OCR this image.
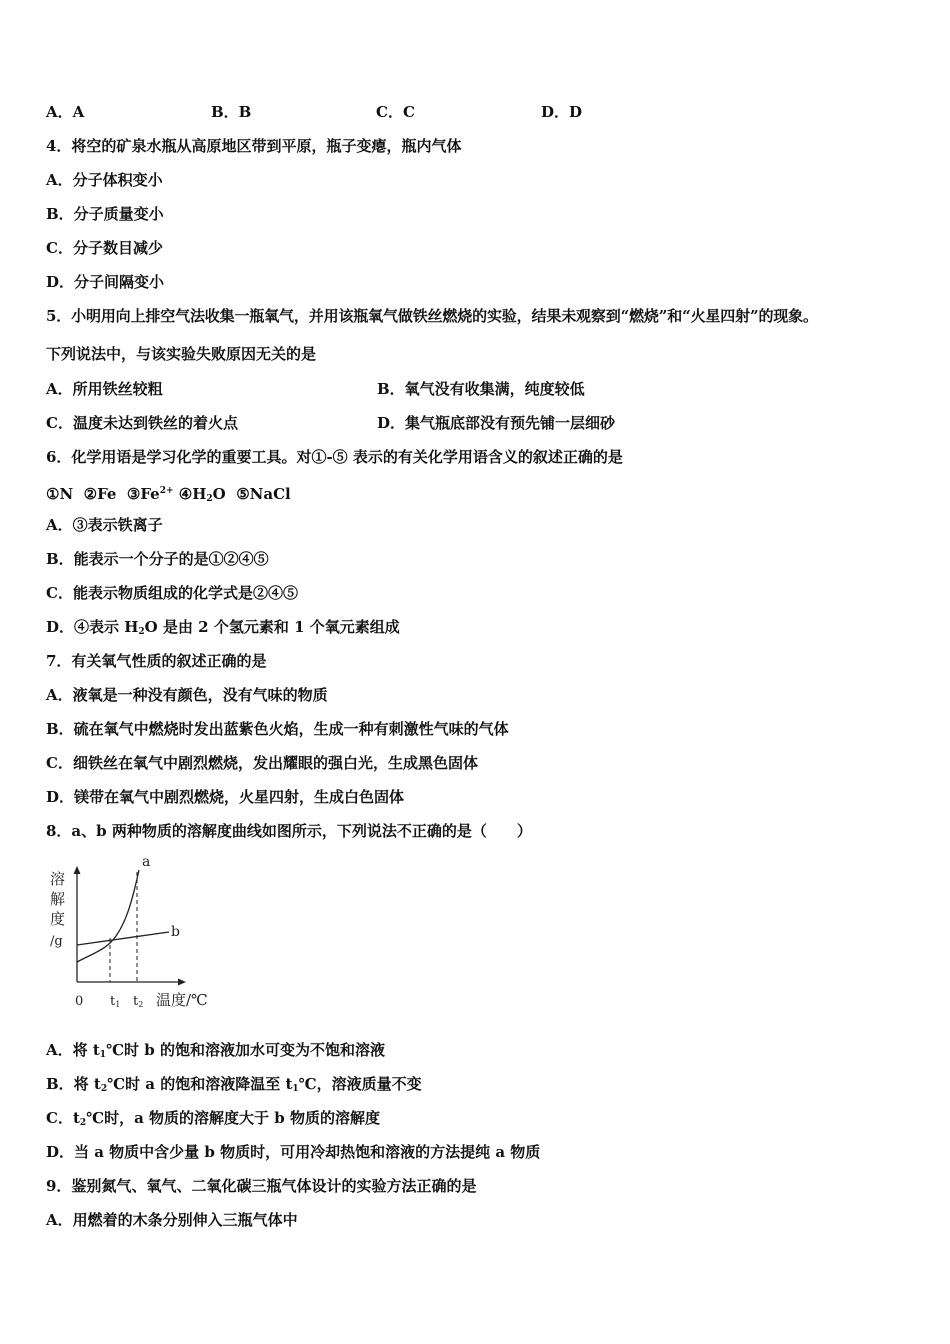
A．A	B．B	C．C	D．D
4．将空的矿泉水瓶从高原地区带到平原，瓶子变瘪，瓶内气体
A．分子体积变小
B．分子质量变小
C．分子数目减少
D．分子间隔变小
5．小明用向上排空气法收集一瓶氧气，并用该瓶氧气做铁丝燃烧的实验，结果未观察到“燃烧”和“火星四射”的现象。
下列说法中，与该实验失败原因无关的是
A．所用铁丝较粗	B．氧气没有收集满，纯度较低
C．温度未达到铁丝的着火点	D．集气瓶底部没有预先铺一层细砂
6．化学用语是学习化学的重要工具。对①-⑤ 表示的有关化学用语含义的叙述正确的是
①N ②Fe $③Fe^{2+}$ $④H_2O$ ⑤NaCl
A．③表示铁离子
B．能表示一个分子的是①②④⑤
C．能表示物质组成的化学式是②④⑤
D．④表示 $H_2O$ 是由 2 个氢元素和 1 个氧元素组成
7．有关氧气性质的叙述正确的是
A．液氧是一种没有颜色，没有气味的物质
B．硫在氧气中燃烧时发出蓝紫色火焰，生成一种有刺激性气味的气体
C．细铁丝在氧气中剧烈燃烧，发出耀眼的强白光，生成黑色固体
D．镁带在氧气中剧烈燃烧，火星四射，生成白色固体
8．a、b 两种物质的溶解度曲线如图所示，下列说法不正确的是（　　）
溶
解
度
/g
a
b
0 t1 t2 温度/℃
A．将 $t_1℃$时 b 的饱和溶液加水可变为不饱和溶液
B．将 $t_2℃$时 a 的饱和溶液降温至 $t_1℃$，溶液质量不变
C．$t_2℃$时，a 物质的溶解度大于 b 物质的溶解度
D．当 a 物质中含少量 b 物质时，可用冷却热饱和溶液的方法提纯 a 物质
9．鉴别氮气、氧气、二氧化碳三瓶气体设计的实验方法正确的是
A．用燃着的木条分别伸入三瓶气体中
